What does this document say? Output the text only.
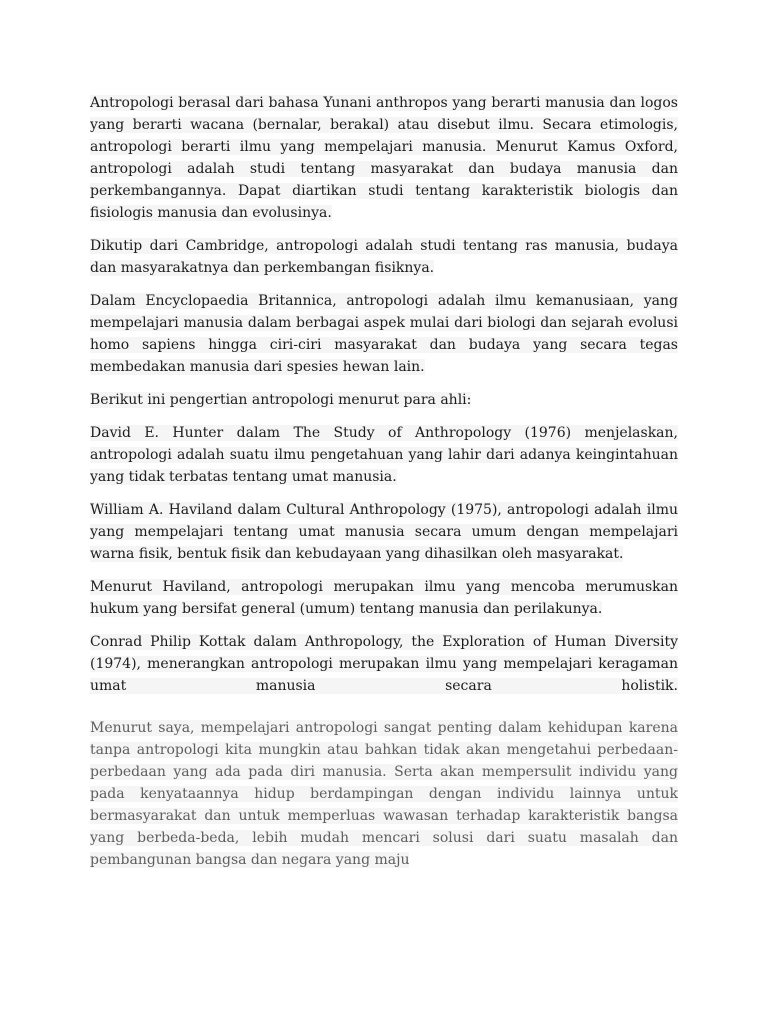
Antropologi berasal dari bahasa Yunani anthropos yang berarti manusia dan logos yang berarti wacana (bernalar, berakal) atau disebut ilmu. Secara etimologis, antropologi berarti ilmu yang mempelajari manusia. Menurut Kamus Oxford, antropologi adalah studi tentang masyarakat dan budaya manusia dan perkembangannya. Dapat diartikan studi tentang karakteristik biologis dan fisiologis manusia dan evolusinya.

Dikutip dari Cambridge, antropologi adalah studi tentang ras manusia, budaya dan masyarakatnya dan perkembangan fisiknya.

Dalam Encyclopaedia Britannica, antropologi adalah ilmu kemanusiaan, yang mempelajari manusia dalam berbagai aspek mulai dari biologi dan sejarah evolusi homo sapiens hingga ciri-ciri masyarakat dan budaya yang secara tegas membedakan manusia dari spesies hewan lain.

Berikut ini pengertian antropologi menurut para ahli:

David E. Hunter dalam The Study of Anthropology (1976) menjelaskan, antropologi adalah suatu ilmu pengetahuan yang lahir dari adanya keingintahuan yang tidak terbatas tentang umat manusia.

William A. Haviland dalam Cultural Anthropology (1975), antropologi adalah ilmu yang mempelajari tentang umat manusia secara umum dengan mempelajari warna fisik, bentuk fisik dan kebudayaan yang dihasilkan oleh masyarakat.

Menurut Haviland, antropologi merupakan ilmu yang mencoba merumuskan hukum yang bersifat general (umum) tentang manusia dan perilakunya.

Conrad Philip Kottak dalam Anthropology, the Exploration of Human Diversity (1974), menerangkan antropologi merupakan ilmu yang mempelajari keragaman umat manusia secara holistik.

Menurut saya, mempelajari antropologi sangat penting dalam kehidupan karena tanpa antropologi kita mungkin atau bahkan tidak akan mengetahui perbedaan-perbedaan yang ada pada diri manusia. Serta akan mempersulit individu yang pada kenyataannya hidup berdampingan dengan individu lainnya untuk bermasyarakat dan untuk memperluas wawasan terhadap karakteristik bangsa yang berbeda-beda, lebih mudah mencari solusi dari suatu masalah dan pembangunan bangsa dan negara yang maju
